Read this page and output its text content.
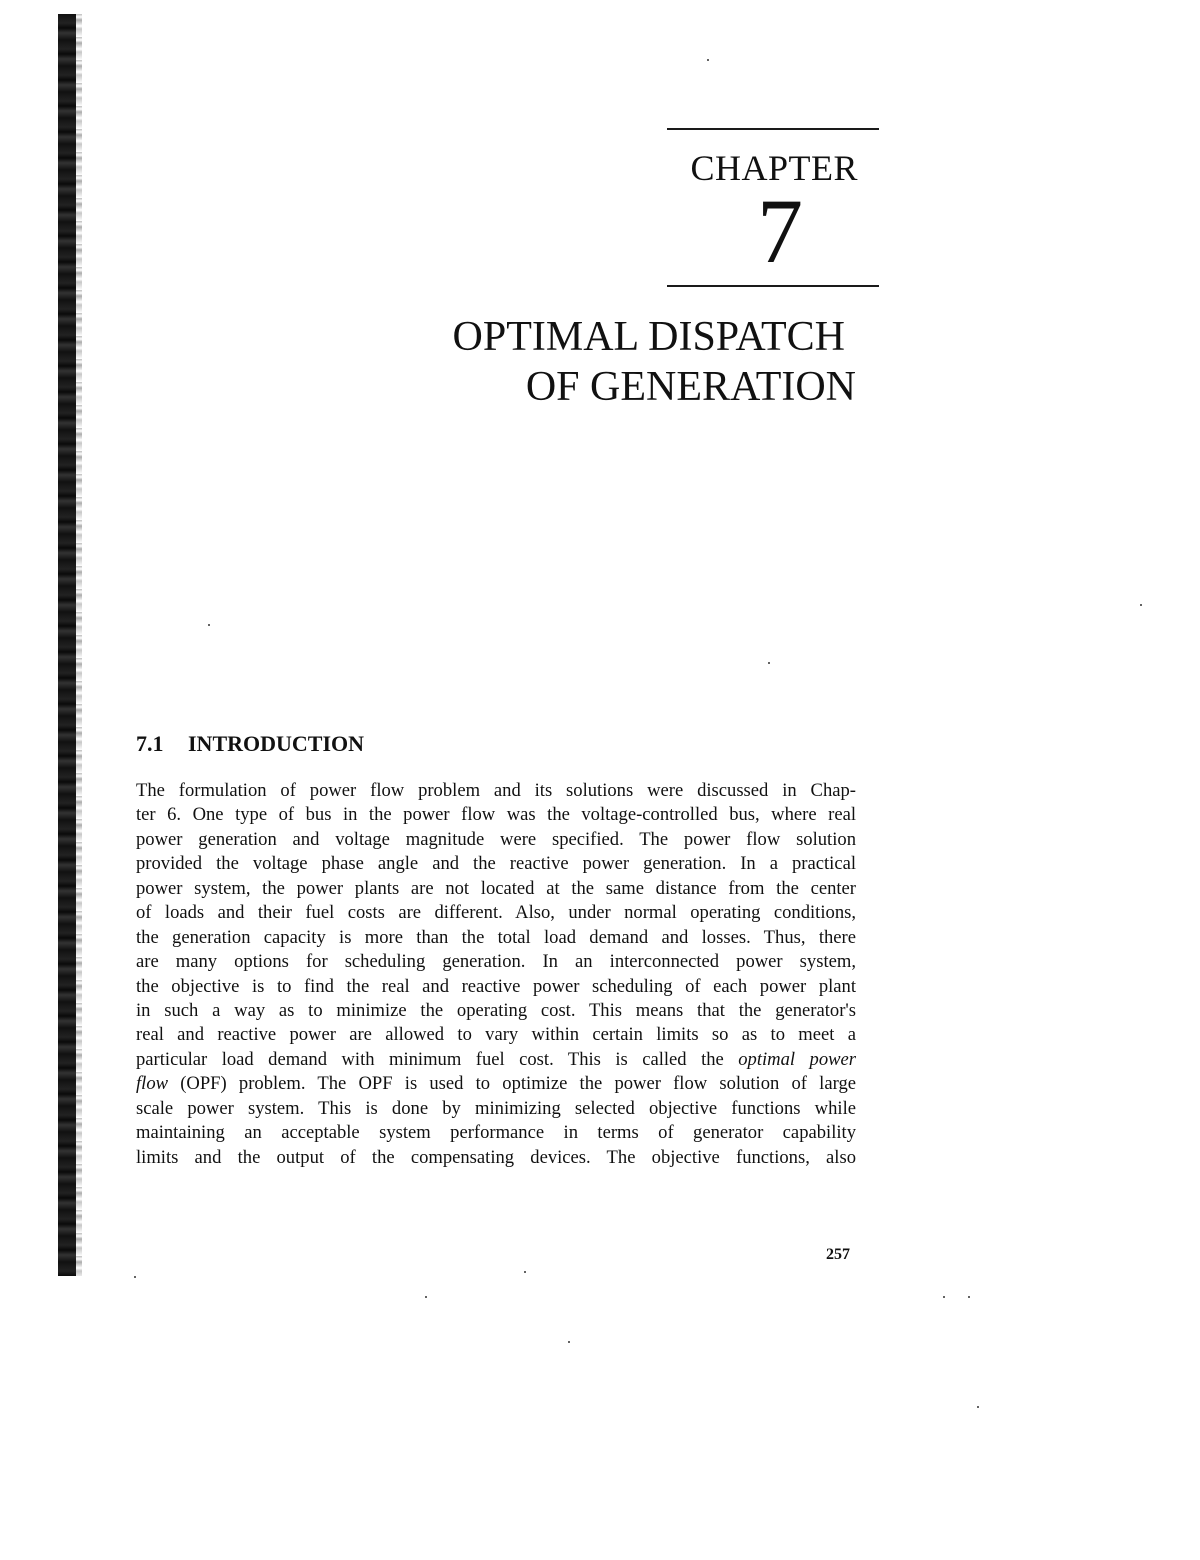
CHAPTER
7
OPTIMAL DISPATCH
OF GENERATION
7.1 INTRODUCTION
The formulation of power flow problem and its solutions were discussed in Chap-
ter 6. One type of bus in the power flow was the voltage-controlled bus, where real
power generation and voltage magnitude were specified. The power flow solution
provided the voltage phase angle and the reactive power generation. In a practical
power system, the power plants are not located at the same distance from the center
of loads and their fuel costs are different. Also, under normal operating conditions,
the generation capacity is more than the total load demand and losses. Thus, there
are many options for scheduling generation. In an interconnected power system,
the objective is to find the real and reactive power scheduling of each power plant
in such a way as to minimize the operating cost. This means that the generator's
real and reactive power are allowed to vary within certain limits so as to meet a
particular load demand with minimum fuel cost. This is called the optimal power
flow (OPF) problem. The OPF is used to optimize the power flow solution of large
scale power system. This is done by minimizing selected objective functions while
maintaining an acceptable system performance in terms of generator capability
limits and the output of the compensating devices. The objective functions, also
257
